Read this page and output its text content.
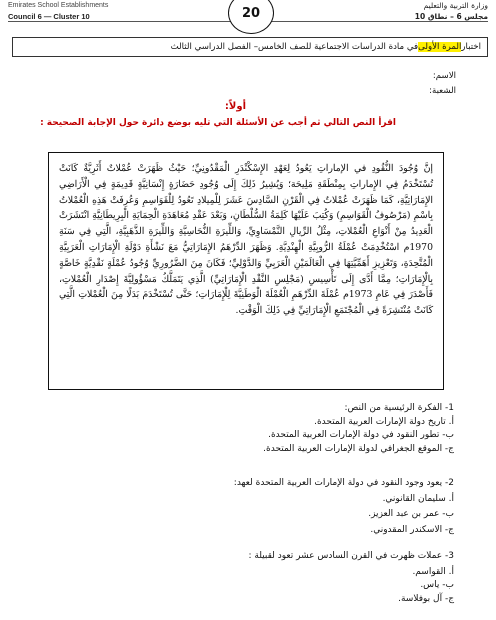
Emirates School Establishments
Council 6 — Cluster 10	20	وزارة التربية والتعليم
مجلس 6 – نطاق 10
اختبار
المرة الأولى
في مادة الدراسات الاجتماعية للصف الخامس– الفصل الدراسي الثالث
الاسم:
الشعبة:
أولاً:
اقرأ النص التالي ثم أجب عن الأسئلة التي تليه بوضع دائرة حول الإجابة الصحيحة :
إنَّ وُجُودَ النُّقُودِ في الإماراتِ يَعُودُ لِعَهْدِ الإِسْكْنْدَرِ الْمَقْدُونِيِّ؛ حَيْثُ ظَهَرَتْ عُمْلاتٌ أَثَرِيَّةٌ كَانَتْ تُسْتَخْدَمُ فِي الإِماراتِ بِمِنْطَقَةِ مَلِيحَة؛ وَيُشِيرُ ذَلِكَ إِلَى وُجُودِ حَضَارَةٍ إِنْسَانِيَّةٍ قَدِيمَةٍ فِي الْأَرَاضِي الإِمَارَاتِيَّةِ، كَمَا ظَهَرَتْ عُمْلاتٌ فِي الْقَرْنِ السَّادِسَ عَشَرَ لِلْمِيلادِ تَعُودُ لِلْقَوَاسِمِ وَعُرِفَتْ هَذِهِ الْعُمْلاتُ بِاسْمِ (مَرْصُوفُ الْقَوَاسِمِ) وَكُتِبَ عَلَيْهَا كَلِمَةُ السُّلْطَانِ، وَبَعْدَ عَقْدِ مُعَاهَدَةِ الْحِمَايَةِ الْبِرِيطَانِيَّةِ انْتَشَرَتْ الْعَدِيدُ مِنْ أَنْوَاعِ الْعُمْلاتِ، مِثْلُ الرِّيالِ النَّمْسَاوِيِّ، وَاللِّيرَةِ النُّحَاسِيَّةِ وَاللِّيرَةِ الذَّهَبِيَّةِ، الَّتِي فِي سَنَةِ 1970م اسْتُخْدِمَتْ عُمْلَةُ الرُّوبِيَّةِ الْهِنْدِيَّةِ. وَظَهَرَ الدِّرْهَمُ الإِمَارَاتِيُّ مَعَ نَشْأَةِ دَوْلَةِ الْإِمَارَاتِ الْعَرَبِيَّةِ الْمُتَّحِدَةِ، وَتَعْزِيزِ أَهَمِّيَّتِهَا فِي الْعَالَمَيْنِ الْعَرَبِيِّ وَالدَّوْلِيِّ؛ فَكَانَ مِنَ الضَّرُورِيِّ وُجُودُ عُمْلَةٍ نَقْدِيَّةٍ خَاصَّةٍ بِالْإِمَارَاتِ؛ مِمَّا أَدَّى إِلَى تَأْسِيسِ (مَجْلِسِ النَّقْدِ الْإِمَارَاتِيِّ) الَّذِي يَتَمَلَّكُ مَسْؤُولِيَّةَ إِصْدَارِ الْعُمْلاتِ، فَأَصْدَرَ فِي عَامِ 1973م عُمْلَةَ الدِّرْهَمِ الْعُمْلَةَ الْوَطَنِيَّةَ لِلْإِمَارَاتِ؛ حَتَّى تُسْتَخْدَمَ بَدَلًا مِنَ الْعُمْلاتِ الَّتِي كَانَتْ مُنْتَشِرَةً فِي الْمُجْتَمَعِ الْإِمَارَاتِيِّ فِي ذَلِكَ الْوَقْتِ.
1- الفكرة الرئيسية من النص:
أ. تاريخ دولة الإمارات العربية المتحدة.
ب- تطور النقود في دولة الإمارات العربية المتحدة.
ج- الموقع الجغرافي لدولة الإمارات العربية المتحدة.
2- يعود وجود النقود في دولة الإمارات العربية المتحدة لعهد:
أ. سليمان القانوني.
ب- عمر بن عبد العزيز.
ج- الاسكندر المقدوني.
3- عملات ظهرت في القرن السادس عشر تعود لقبيلة :
أ. القواسم.
ب- ياس.
ج- آل بوفلاسة.
